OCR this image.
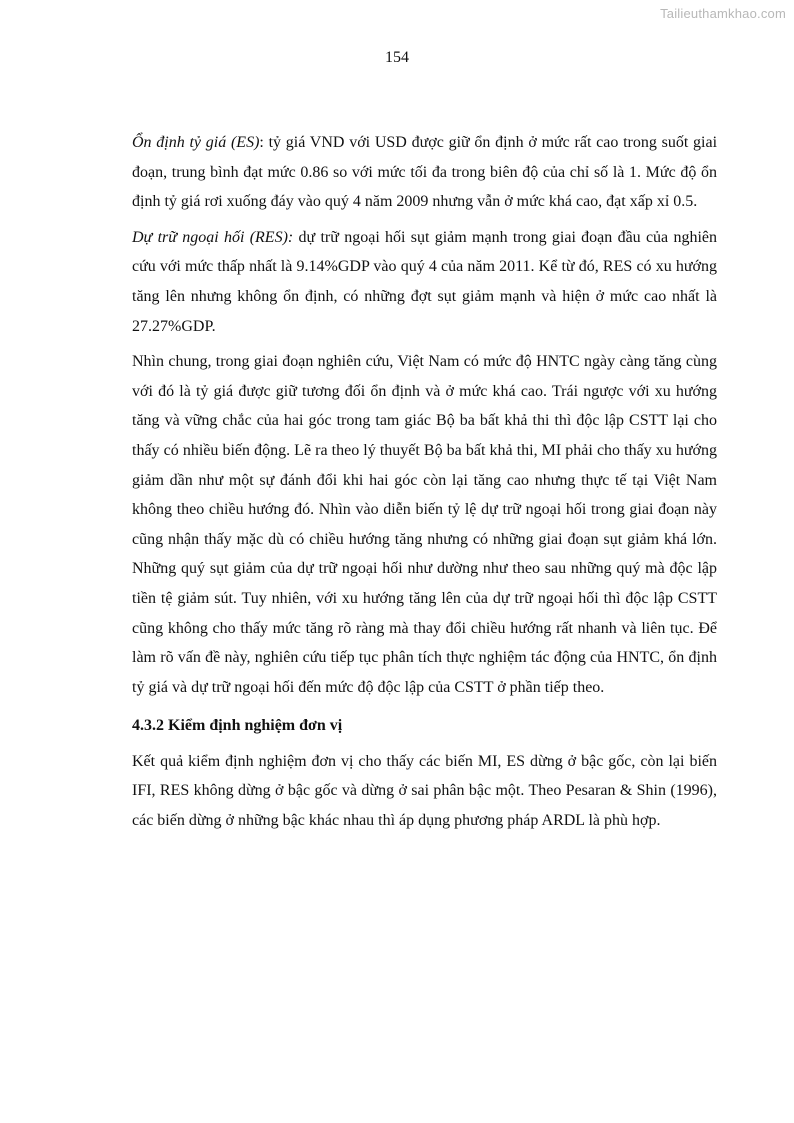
Tailieuthamkhao.com
154

Ổn định tỷ giá (ES): tỷ giá VND với USD được giữ ổn định ở mức rất cao trong suốt giai đoạn, trung bình đạt mức 0.86 so với mức tối đa trong biên độ của chỉ số là 1. Mức độ ổn định tỷ giá rơi xuống đáy vào quý 4 năm 2009 nhưng vẫn ở mức khá cao, đạt xấp xỉ 0.5.

Dự trữ ngoại hối (RES): dự trữ ngoại hối sụt giảm mạnh trong giai đoạn đầu của nghiên cứu với mức thấp nhất là 9.14%GDP vào quý 4 của năm 2011. Kể từ đó, RES có xu hướng tăng lên nhưng không ổn định, có những đợt sụt giảm mạnh và hiện ở mức cao nhất là 27.27%GDP.

Nhìn chung, trong giai đoạn nghiên cứu, Việt Nam có mức độ HNTC ngày càng tăng cùng với đó là tỷ giá được giữ tương đối ổn định và ở mức khá cao. Trái ngược với xu hướng tăng và vững chắc của hai góc trong tam giác Bộ ba bất khả thi thì độc lập CSTT lại cho thấy có nhiều biến động. Lẽ ra theo lý thuyết Bộ ba bất khả thi, MI phải cho thấy xu hướng giảm dần như một sự đánh đổi khi hai góc còn lại tăng cao nhưng thực tế tại Việt Nam không theo chiều hướng đó. Nhìn vào diễn biến tỷ lệ dự trữ ngoại hối trong giai đoạn này cũng nhận thấy mặc dù có chiều hướng tăng nhưng có những giai đoạn sụt giảm khá lớn. Những quý sụt giảm của dự trữ ngoại hối như dường như theo sau những quý mà độc lập tiền tệ giảm sút. Tuy nhiên, với xu hướng tăng lên của dự trữ ngoại hối thì độc lập CSTT cũng không cho thấy mức tăng rõ ràng mà thay đổi chiều hướng rất nhanh và liên tục. Để làm rõ vấn đề này, nghiên cứu tiếp tục phân tích thực nghiệm tác động của HNTC, ổn định tỷ giá và dự trữ ngoại hối đến mức độ độc lập của CSTT ở phần tiếp theo.

4.3.2 Kiểm định nghiệm đơn vị

Kết quả kiểm định nghiệm đơn vị cho thấy các biến MI, ES dừng ở bậc gốc, còn lại biến IFI, RES không dừng ở bậc gốc và dừng ở sai phân bậc một. Theo Pesaran & Shin (1996), các biến dừng ở những bậc khác nhau thì áp dụng phương pháp ARDL là phù hợp.
